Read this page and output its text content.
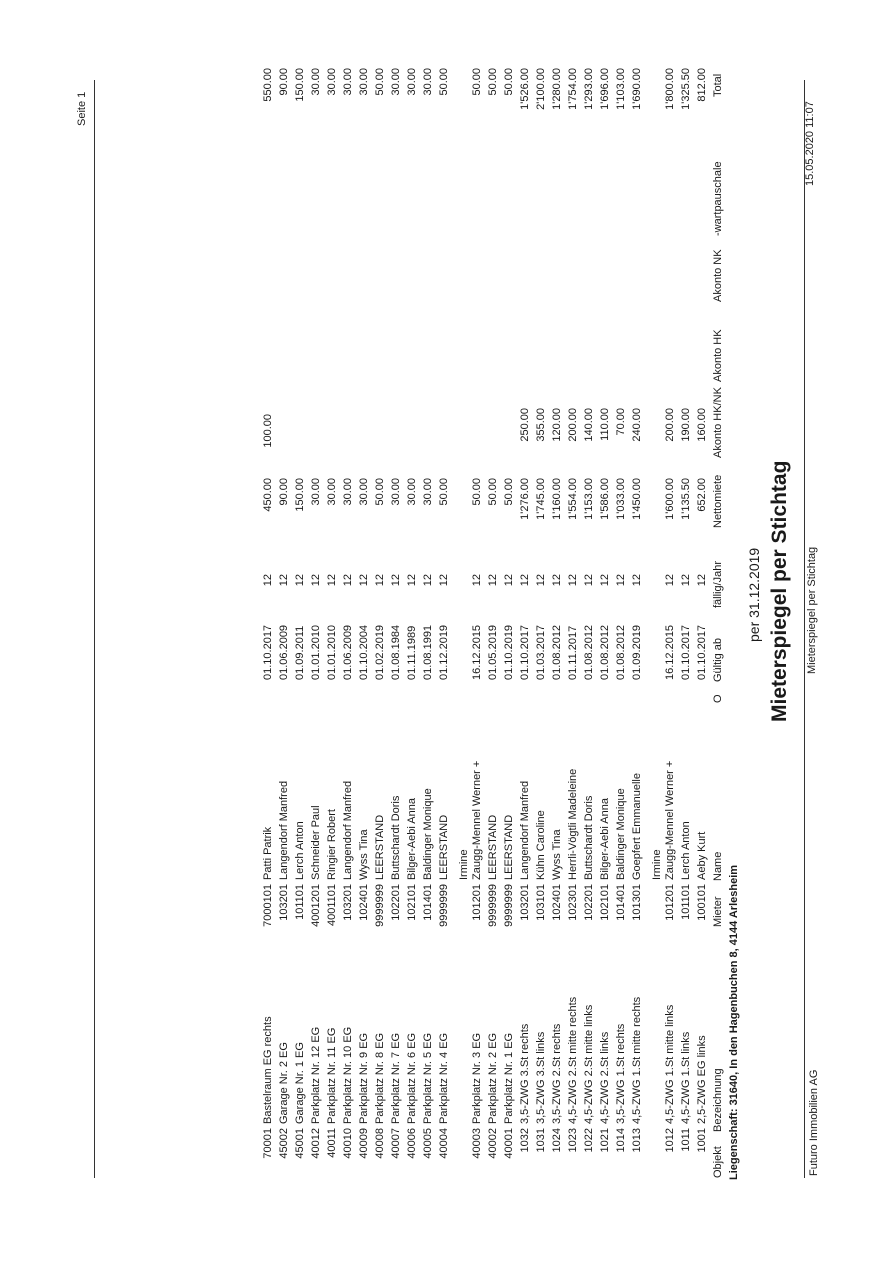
Futuro Immobilien AG
Mieterspiegel per Stichtag
15.05.2020 11:07
Mieterspiegel per Stichtag
per 31.12.2019
Liegenschaft: 31640, In den Hagenbuchen 8, 4144 Arlesheim
Objekt
Bezeichnung
Mieter
Name
O
Gültig ab
fällig/Jahr
Nettomiete
Akonto HK/NK
Akonto HK
Akonto NK
-wartpauschale
Total
1001
2,5-ZWG EG links
100101
Aeby Kurt
01.10.2017
12
652.00
160.00
812.00
1011
4,5-ZWG 1.St links
101101
Lerch Anton
01.10.2017
12
1'135.50
190.00
1'325.50
1012
4,5-ZWG 1.St mitte links
101201
Zaugg-Mennel Werner +
16.12.2015
12
1'600.00
200.00
1'800.00
Irmine
1013
4,5-ZWG 1.St mitte rechts
101301
Goepfert Emmanuelle
01.09.2019
12
1'450.00
240.00
1'690.00
1014
3,5-ZWG 1.St rechts
101401
Baldinger Monique
01.08.2012
12
1'033.00
70.00
1'103.00
1021
4,5-ZWG 2.St links
102101
Bilger-Aebi Anna
01.08.2012
12
1'586.00
110.00
1'696.00
1022
4,5-ZWG 2.St mitte links
102201
Buttschardt Doris
01.08.2012
12
1'153.00
140.00
1'293.00
1023
4,5-ZWG 2.St mitte rechts
102301
Herrli-Vögtli Madeleine
01.11.2017
12
1'554.00
200.00
1'754.00
1024
3,5-ZWG 2.St rechts
102401
Wyss Tina
01.08.2012
12
1'160.00
120.00
1'280.00
1031
3,5-ZWG 3.St links
103101
Kühn Caroline
01.03.2017
12
1'745.00
355.00
2'100.00
1032
3,5-ZWG 3.St rechts
103201
Langendorf Manfred
01.10.2017
12
1'276.00
250.00
1'526.00
40001
Parkplatz Nr. 1 EG
9999999
LEERSTAND
01.10.2019
12
50.00
50.00
40002
Parkplatz Nr. 2 EG
9999999
LEERSTAND
01.05.2019
12
50.00
50.00
40003
Parkplatz Nr. 3 EG
101201
Zaugg-Mennel Werner +
16.12.2015
12
50.00
50.00
Irmine
40004
Parkplatz Nr. 4 EG
9999999
LEERSTAND
01.12.2019
12
50.00
50.00
40005
Parkplatz Nr. 5 EG
101401
Baldinger Monique
01.08.1991
12
30.00
30.00
40006
Parkplatz Nr. 6 EG
102101
Bilger-Aebi Anna
01.11.1989
12
30.00
30.00
40007
Parkplatz Nr. 7 EG
102201
Buttschardt Doris
01.08.1984
12
30.00
30.00
40008
Parkplatz Nr. 8 EG
9999999
LEERSTAND
01.02.2019
12
50.00
50.00
40009
Parkplatz Nr. 9 EG
102401
Wyss Tina
01.10.2004
12
30.00
30.00
40010
Parkplatz Nr. 10 EG
103201
Langendorf Manfred
01.06.2009
12
30.00
30.00
40011
Parkplatz Nr. 11 EG
4001101
Ringier Robert
01.01.2010
12
30.00
30.00
40012
Parkplatz Nr. 12 EG
4001201
Schneider Paul
01.01.2010
12
30.00
30.00
45001
Garage Nr. 1 EG
101101
Lerch Anton
01.09.2011
12
150.00
150.00
45002
Garage Nr. 2 EG
103201
Langendorf Manfred
01.06.2009
12
90.00
90.00
70001
Bastelraum EG rechts
7000101
Patti Patrik
01.10.2017
12
450.00
100.00
550.00
Seite 1
